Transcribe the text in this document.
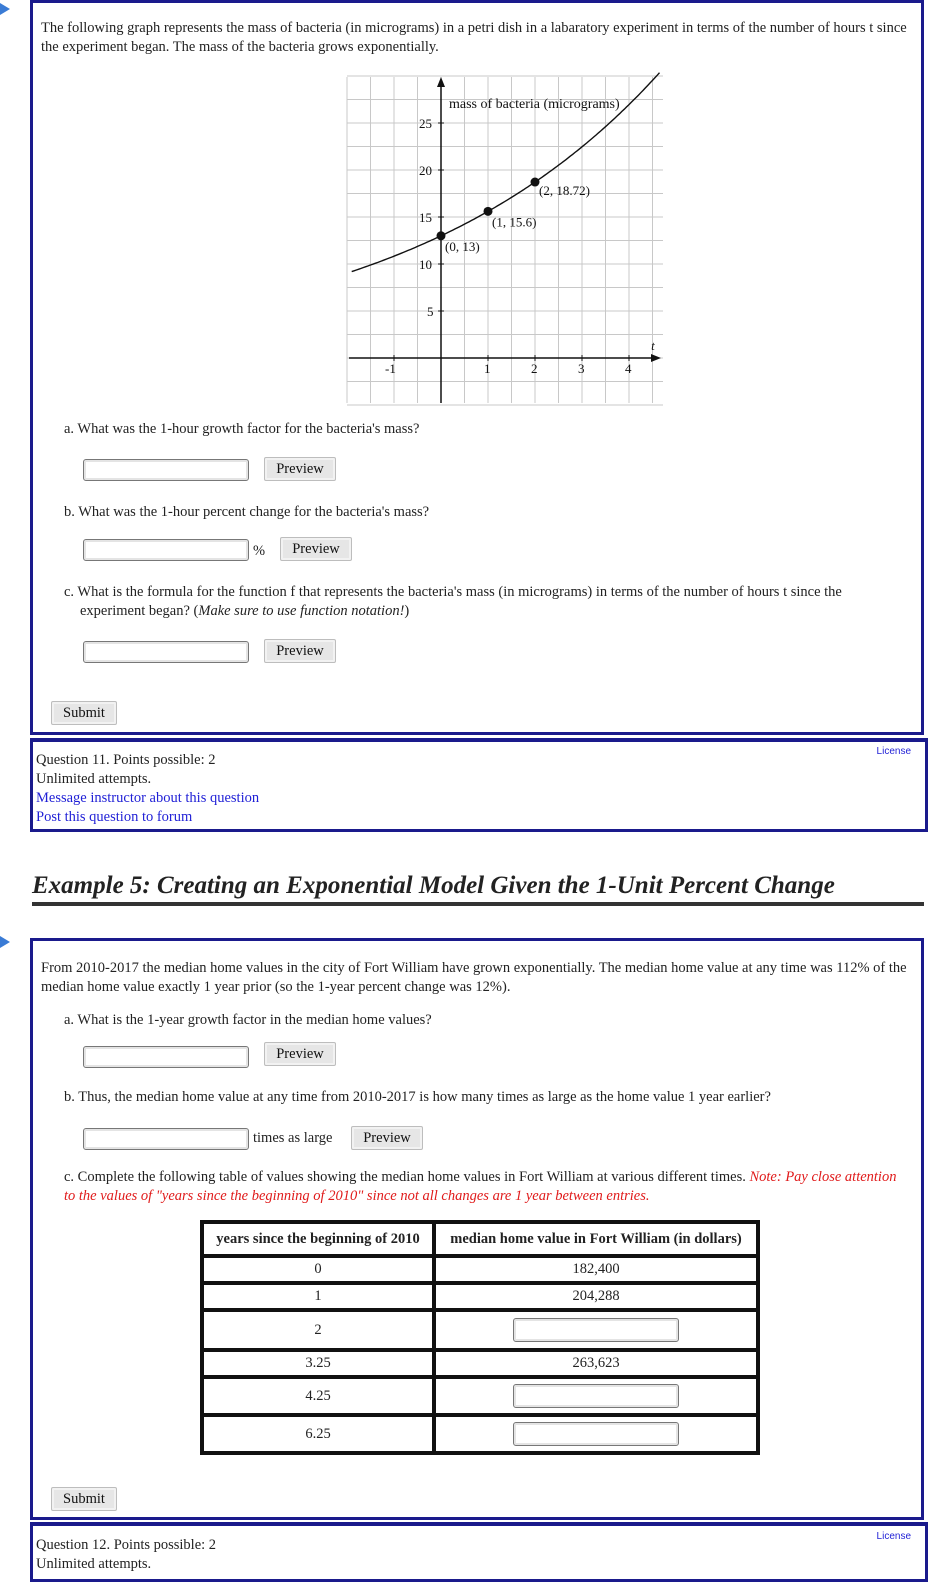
The following graph represents the mass of bacteria (in micrograms) in a petri dish in a labaratory experiment in terms of the number of hours t since the experiment began. The mass of the bacteria grows exponentially.
-1	1	2	3	4
5
10
15
20
25
(0, 13)
(1, 15.6)
(2, 18.72)
mass of bacteria (micrograms)
t
a. What was the 1-hour growth factor for the bacteria's mass?
Preview
b. What was the 1-hour percent change for the bacteria's mass?
%	Preview
c. What is the formula for the function f that represents the bacteria's mass (in micrograms) in terms of the number of hours t since the
experiment began? (Make sure to use function notation!)
Preview
Submit
Question 11. Points possible: 2
Unlimited attempts.
Message instructor about this question
Post this question to forum
License
Example 5: Creating an Exponential Model Given the 1-Unit Percent Change
From 2010-2017 the median home values in the city of Fort William have grown exponentially. The median home value at any time was 112% of the median home value exactly 1 year prior (so the 1-year percent change was 12%).
a. What is the 1-year growth factor in the median home values?
Preview
b. Thus, the median home value at any time from 2010-2017 is how many times as large as the home value 1 year earlier?
times as large	Preview
c. Complete the following table of values showing the median home values in Fort William at various different times. Note: Pay close attention to the values of "years since the beginning of 2010" since not all changes are 1 year between entries.
years since the beginning of 2010	median home value in Fort William (in dollars)
0	182,400
1	204,288
2	
3.25	263,623
4.25	
6.25	
Submit
Question 12. Points possible: 2
Unlimited attempts.
License
